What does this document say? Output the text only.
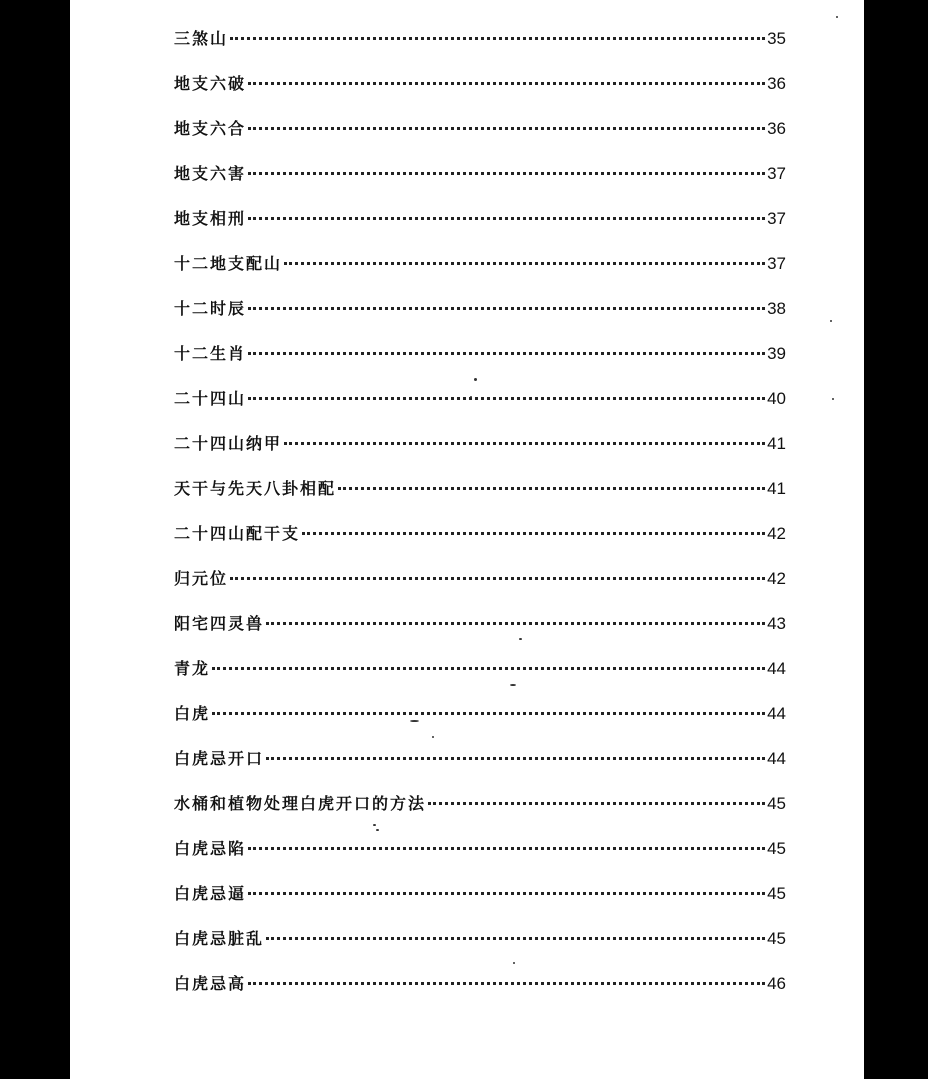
三煞山	35
地支六破	36
地支六合	36
地支六害	37
地支相刑	37
十二地支配山	37
十二时辰	38
十二生肖	39
二十四山	40
二十四山纳甲	41
天干与先天八卦相配	41
二十四山配干支	42
归元位	42
阳宅四灵兽	43
青龙	44
白虎	44
白虎忌开口	44
水桶和植物处理白虎开口的方法	45
白虎忌陷	45
白虎忌逼	45
白虎忌脏乱	45
白虎忌高	46
